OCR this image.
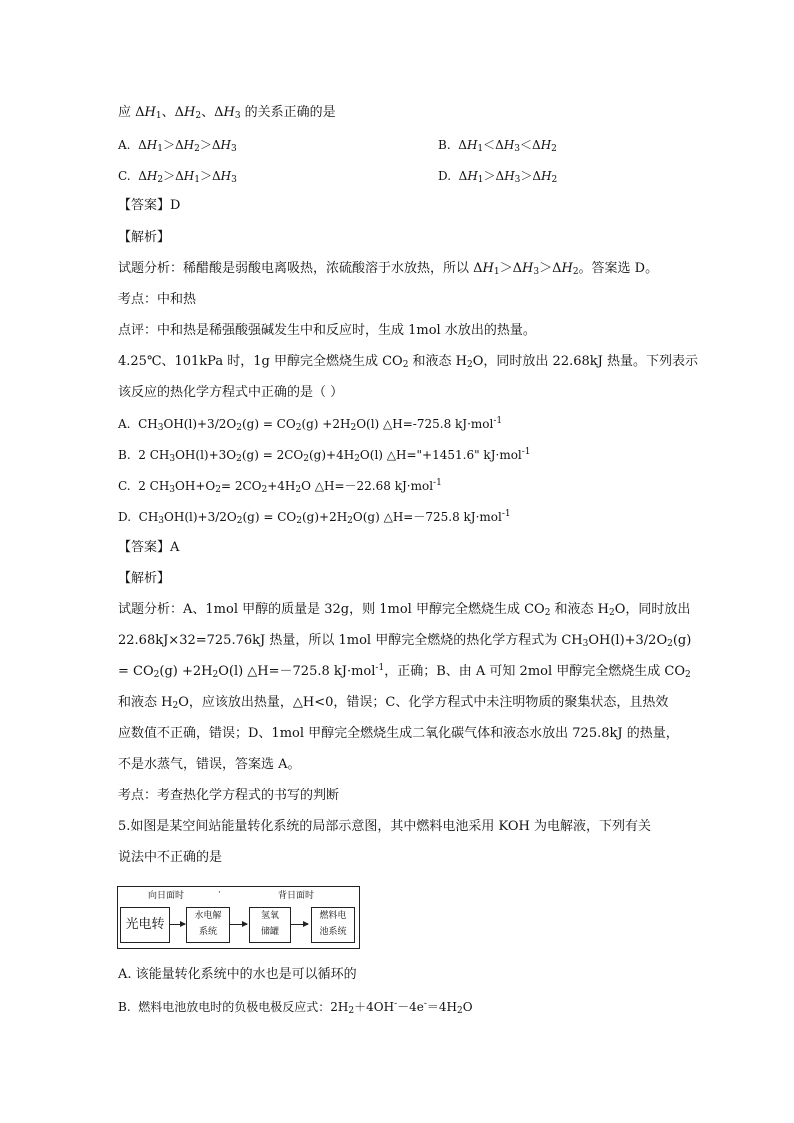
应 $\Delta H_1$、$\Delta H_2$、$\Delta H_3$ 的关系正确的是
A.  $\Delta H_1>\Delta H_2>\Delta H_3$	B.  $\Delta H_1<\Delta H_3<\Delta H_2$
C.  $\Delta H_2>\Delta H_1>\Delta H_3$	D.  $\Delta H_1>\Delta H_3>\Delta H_2$
【答案】D
【解析】
试题分析：稀醋酸是弱酸电离吸热，浓硫酸溶于水放热，所以 $\Delta H_1>\Delta H_3>\Delta H_2$。答案选 D。
考点：中和热
点评：中和热是稀强酸强碱发生中和反应时，生成 1mol 水放出的热量。
4.25℃、101kPa 时，1g 甲醇完全燃烧生成 $CO_2$ 和液态 $H_2O$，同时放出 22.68kJ 热量。下列表示
该反应的热化学方程式中正确的是（ ）
A.  $CH_3OH(l)+3/2O_2(g) = CO_2(g) +2H_2O(l)$ △H=-725.8 kJ·mol$^{-1}$
B.  2 $CH_3OH(l)+3O_2(g) = 2CO_2(g)+4H_2O(l)$ △H="+1451.6" kJ·mol$^{-1}$
C.  2 $CH_3OH+O_2= 2CO_2+4H_2O$ △H=－22.68 kJ·mol$^{-1}$
D.  $CH_3OH(l)+3/2O_2(g) = CO_2(g)+2H_2O(g)$ △H=－725.8 kJ·mol$^{-1}$
【答案】A
【解析】
试题分析：A、1mol 甲醇的质量是 32g，则 1mol 甲醇完全燃烧生成 $CO_2$ 和液态 $H_2O$，同时放出
22.68kJ×32=725.76kJ 热量，所以 1mol 甲醇完全燃烧的热化学方程式为 $CH_3OH(l)+3/2O_2(g)$
= $CO_2(g) +2H_2O(l)$ △H=－725.8 kJ·mol$^{-1}$，正确；B、由 A 可知 2mol 甲醇完全燃烧生成 $CO_2$
和液态 $H_2O$，应该放出热量，△H<0，错误；C、化学方程式中未注明物质的聚集状态，且热效
应数值不正确，错误；D、1mol 甲醇完全燃烧生成二氧化碳气体和液态水放出 725.8kJ 的热量，
不是水蒸气，错误，答案选 A。
考点：考查热化学方程式的书写的判断
5.如图是某空间站能量转化系统的局部示意图，其中燃料电池采用 KOH 为电解液，下列有关
说法中不正确的是
向日面时	·	背日面时
光电转
水电解
系统
氢氧
储罐
燃料电
池系统
A. 该能量转化系统中的水也是可以循环的
B.  燃料电池放电时的负极电极反应式：$2H_2+4OH^--4e^-=4H_2O$
